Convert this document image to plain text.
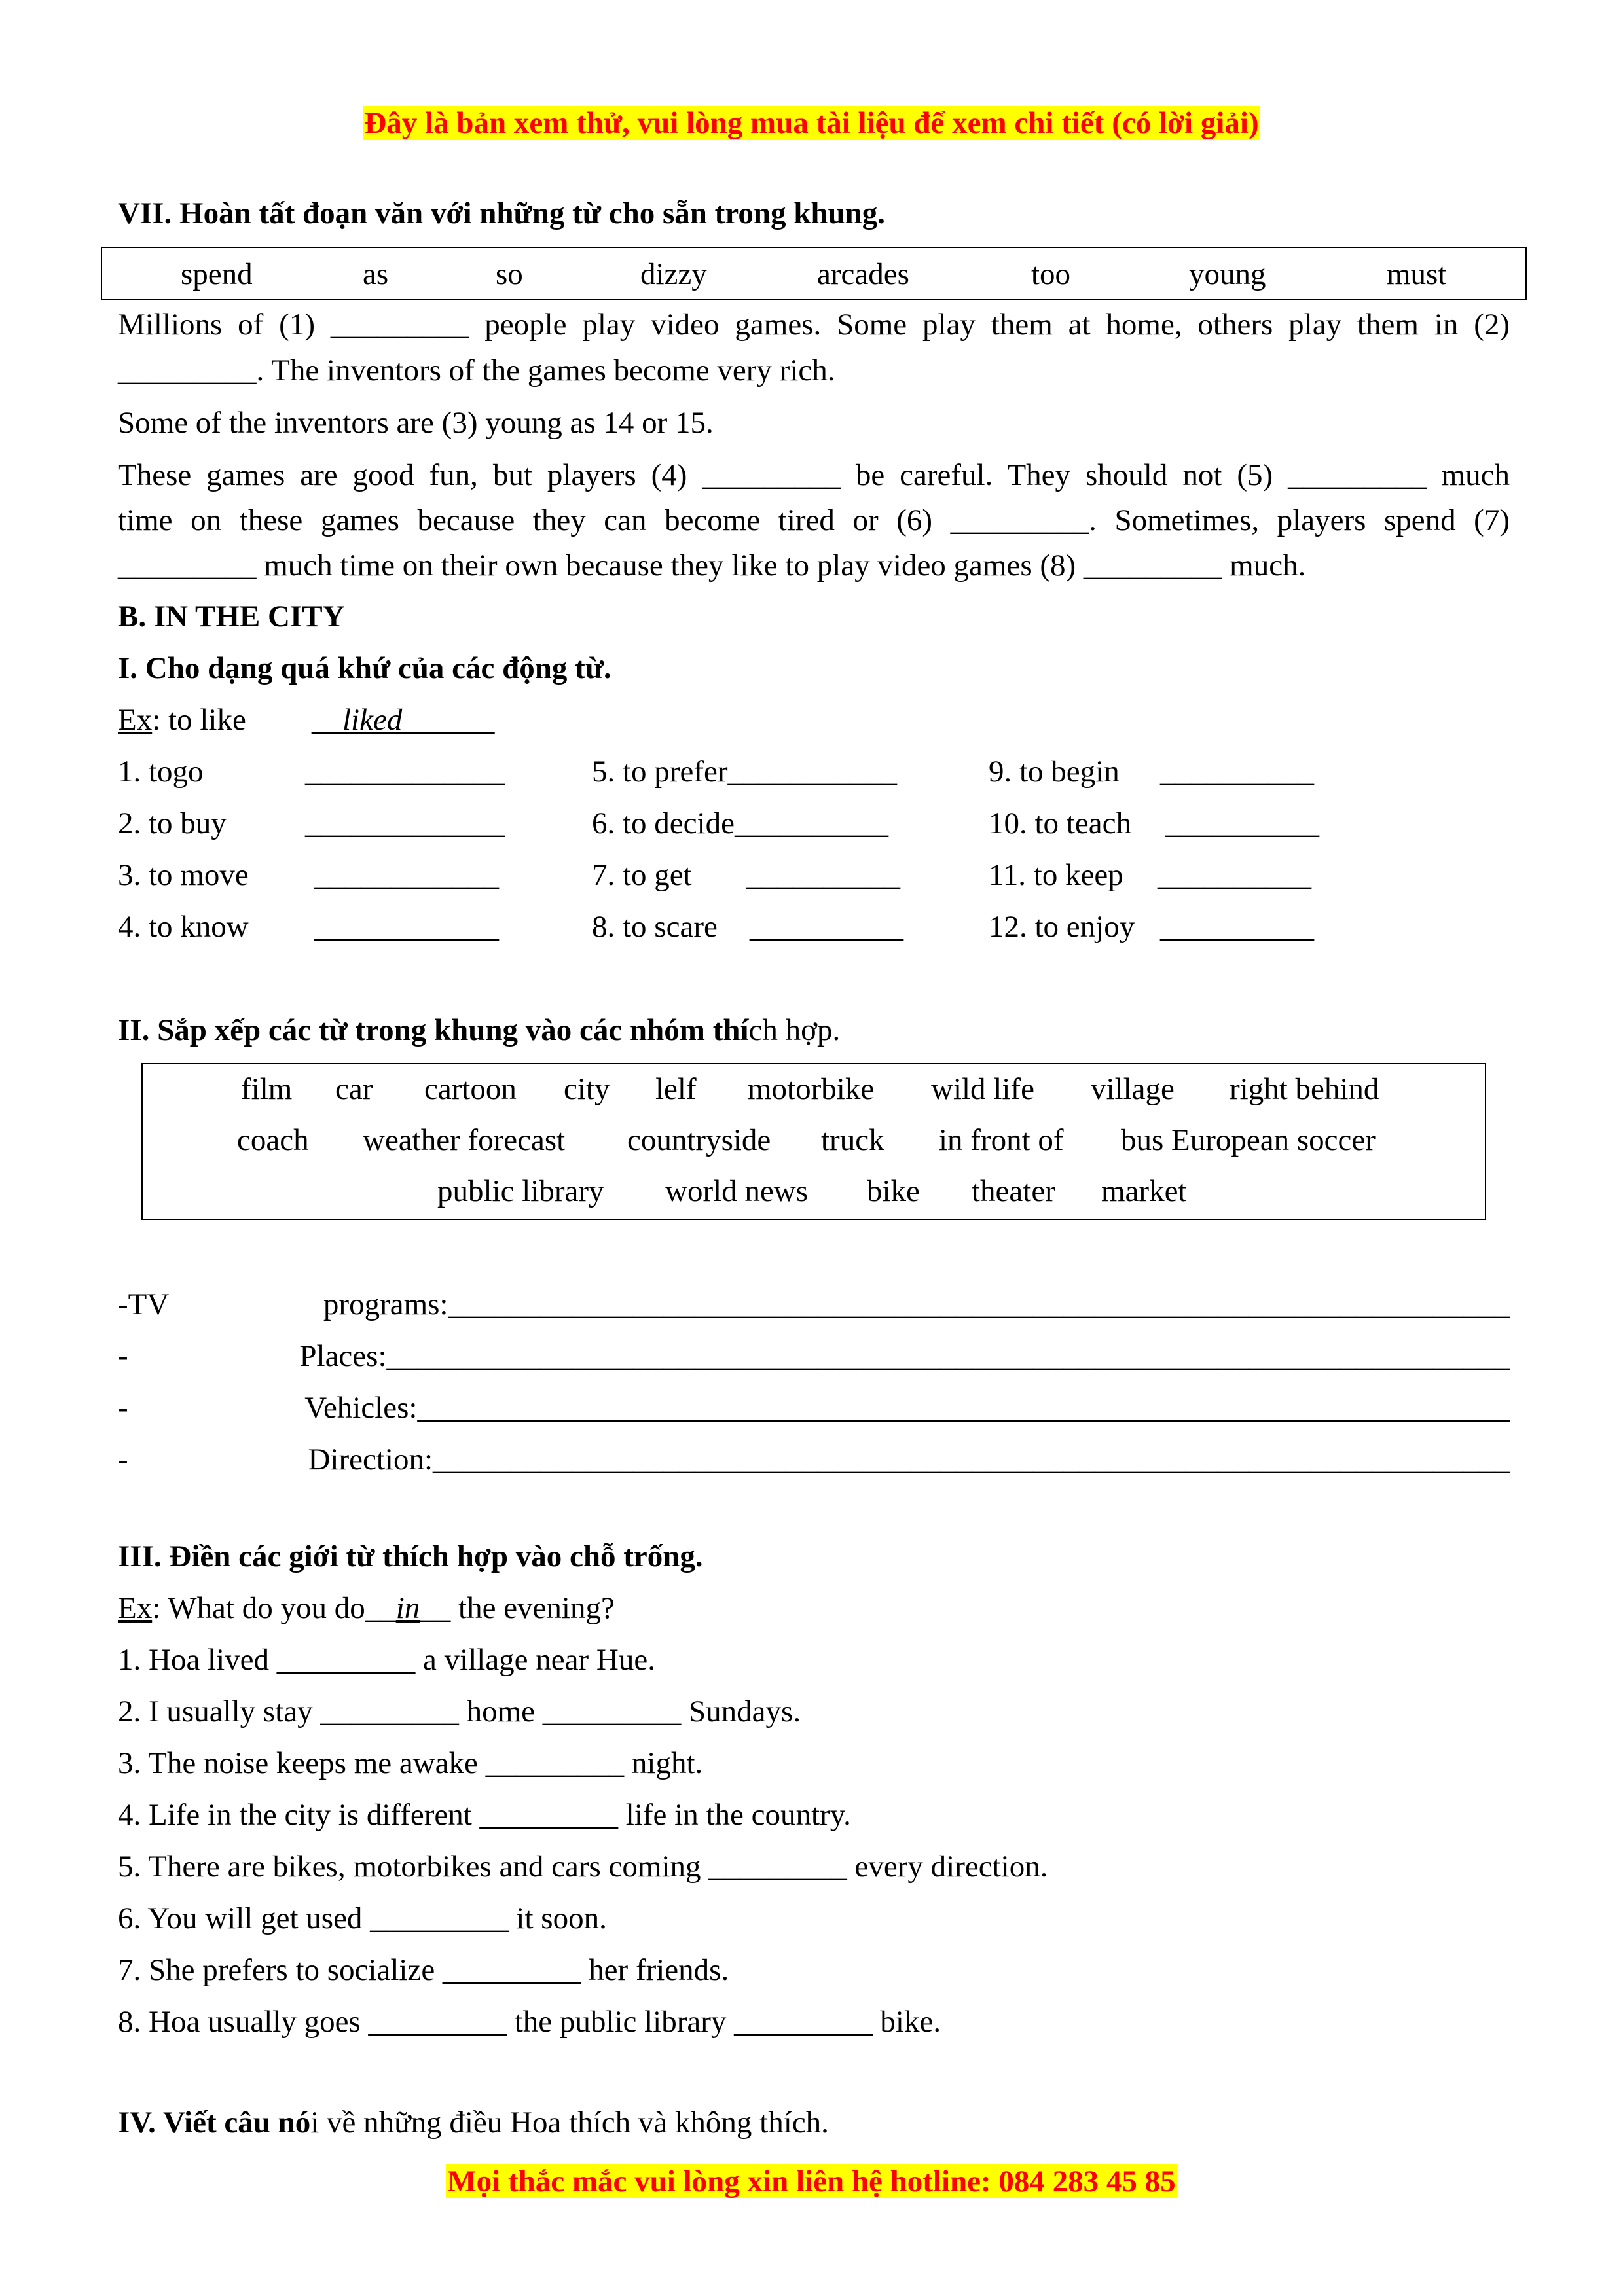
Đây là bản xem thử, vui lòng mua tài liệu để xem chi tiết (có lời giải)
VII. Hoàn tất đoạn văn với những từ cho sẵn trong khung.
spend	as	so	dizzy	arcades	too	young	must
Millions of (1) _________ people play video games. Some play them at home, others play them in (2)
_________. The inventors of the games become very rich.
Some of the inventors are (3) young as 14 or 15.
These games are good fun, but players (4) _________ be careful. They should not (5) _________ much
time on these games because they can become tired or (6) _________. Sometimes, players spend (7)
_________ much time on their own because they like to play video games (8) _________ much.
B. IN THE CITY
I. Cho dạng quá khứ của các động từ.
Ex: to like __liked______
1. togo	_____________
2. to buy	_____________
3. to move ____________
4. to know ____________
5. to prefer___________
6. to decide__________
7. to get __________
8. to scare __________
9. to begin __________
10. to teach __________
11. to keep __________
12. to enjoy __________
II. Sắp xếp các từ trong khung vào các nhóm thích hợp.
film car cartoon city lelf motorbike wild life village right behind
coach weather forecast countryside truck in front of bus European soccer
public library world news bike theater market
-TV programs:_____________________________________________________________________
- Places:_________________________________________________________________________
- Vehicles:_______________________________________________________________________
- Direction:______________________________________________________________________
III. Điền các giới từ thích hợp vào chỗ trống.
Ex: What do you do__in__ the evening?
1. Hoa lived _________ a village near Hue.
2. I usually stay _________ home _________ Sundays.
3. The noise keeps me awake _________ night.
4. Life in the city is different _________ life in the country.
5. There are bikes, motorbikes and cars coming _________ every direction.
6. You will get used _________ it soon.
7. She prefers to socialize _________ her friends.
8. Hoa usually goes _________ the public library _________ bike.
IV. Viết câu nói về những điều Hoa thích và không thích.
Mọi thắc mắc vui lòng xin liên hệ hotline: 084 283 45 85
